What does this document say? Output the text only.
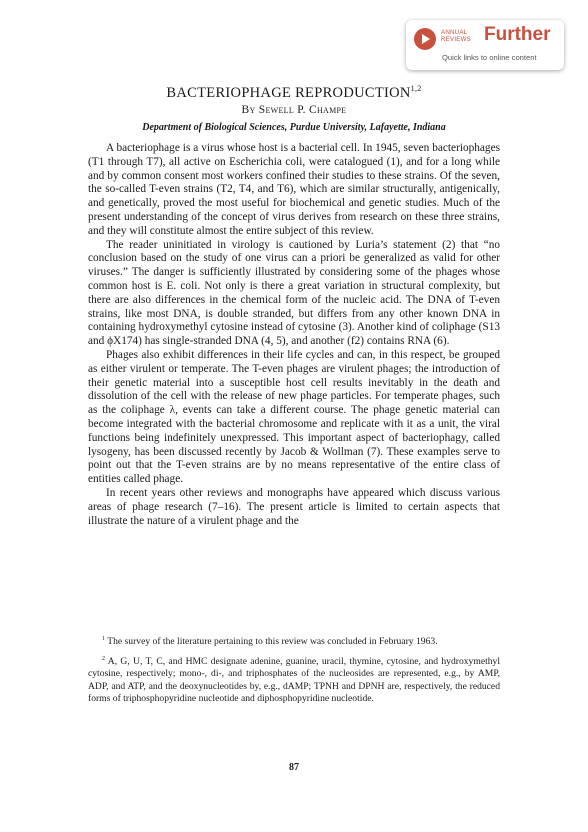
ANNUAL REVIEWS Further
Quick links to online content
BACTERIOPHAGE REPRODUCTION$^{1,2}$
By Sewell P. Champe
Department of Biological Sciences, Purdue University, Lafayette, Indiana

A bacteriophage is a virus whose host is a bacterial cell. In 1945, seven bacteriophages (T1 through T7), all active on Escherichia coli, were catalogued (1), and for a long while and by common consent most workers confined their studies to these strains. Of the seven, the so-called T-even strains (T2, T4, and T6), which are similar structurally, antigenically, and genetically, proved the most useful for biochemical and genetic studies. Much of the present understanding of the concept of virus derives from research on these three strains, and they will constitute almost the entire subject of this review.

The reader uninitiated in virology is cautioned by Luria’s statement (2) that “no conclusion based on the study of one virus can a priori be generalized as valid for other viruses.” The danger is sufficiently illustrated by considering some of the phages whose common host is E. coli. Not only is there a great variation in structural complexity, but there are also differences in the chemical form of the nucleic acid. The DNA of T-even strains, like most DNA, is double stranded, but differs from any other known DNA in containing hydroxymethyl cytosine instead of cytosine (3). Another kind of coliphage (S13 and ϕX174) has single-stranded DNA (4, 5), and another (f2) contains RNA (6).

Phages also exhibit differences in their life cycles and can, in this respect, be grouped as either virulent or temperate. The T-even phages are virulent phages; the introduction of their genetic material into a susceptible host cell results inevitably in the death and dissolution of the cell with the release of new phage particles. For temperate phages, such as the coliphage λ, events can take a different course. The phage genetic material can become integrated with the bacterial chromosome and replicate with it as a unit, the viral functions being indefinitely unexpressed. This important aspect of bacteriophagy, called lysogeny, has been discussed recently by Jacob & Wollman (7). These examples serve to point out that the T-even strains are by no means representative of the entire class of entities called phage.

In recent years other reviews and monographs have appeared which discuss various areas of phage research (7–16). The present article is limited to certain aspects that illustrate the nature of a virulent phage and the

$^1$ The survey of the literature pertaining to this review was concluded in February 1963.

$^2$ A, G, U, T, C, and HMC designate adenine, guanine, uracil, thymine, cytosine, and hydroxymethyl cytosine, respectively; mono-, di-, and triphosphates of the nucleosides are represented, e.g., by AMP, ADP, and ATP, and the deoxynucleotides by, e.g., dAMP; TPNH and DPNH are, respectively, the reduced forms of triphosphopyridine nucleotide and diphosphopyridine nucleotide.

87
